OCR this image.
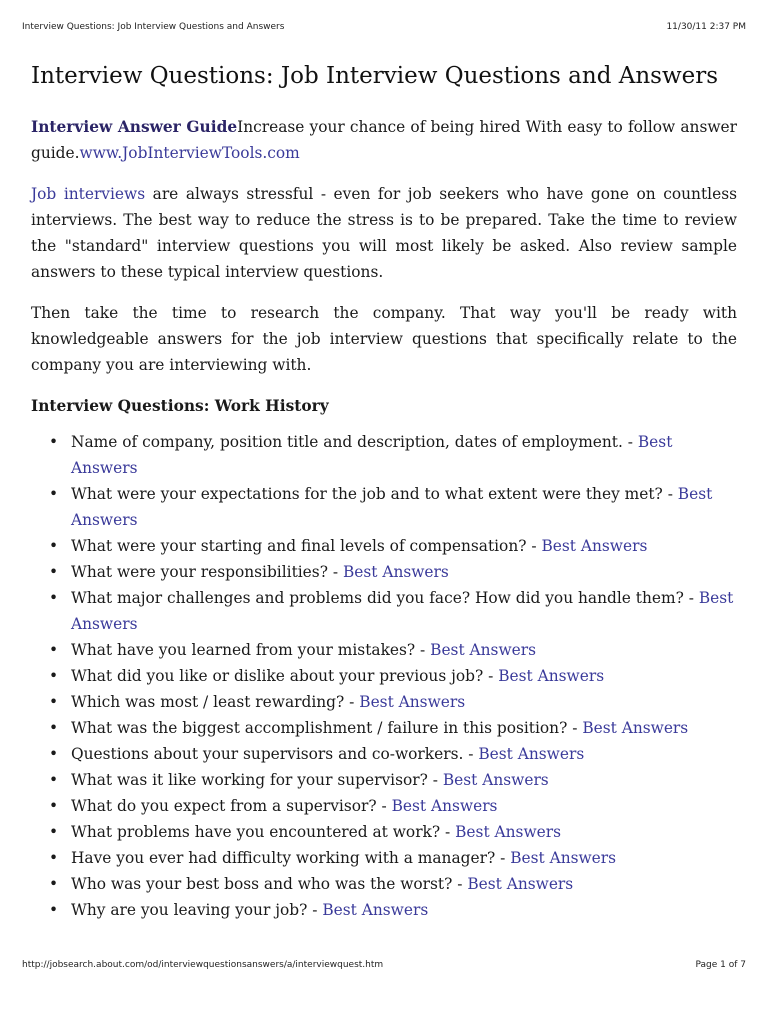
Interview Questions: Job Interview Questions and Answers	11/30/11 2:37 PM
Interview Questions: Job Interview Questions and Answers

Interview Answer GuideIncrease your chance of being hired With easy to follow answer guide.www.JobInterviewTools.com

Job interviews are always stressful - even for job seekers who have gone on countless interviews. The best way to reduce the stress is to be prepared. Take the time to review the "standard" interview questions you will most likely be asked. Also review sample answers to these typical interview questions.

Then take the time to research the company. That way you'll be ready with knowledgeable answers for the job interview questions that specifically relate to the company you are interviewing with.

Interview Questions: Work History
• Name of company, position title and description, dates of employment. - Best Answers
• What were your expectations for the job and to what extent were they met? - Best Answers
• What were your starting and final levels of compensation? - Best Answers
• What were your responsibilities? - Best Answers
• What major challenges and problems did you face? How did you handle them? - Best Answers
• What have you learned from your mistakes? - Best Answers
• What did you like or dislike about your previous job? - Best Answers
• Which was most / least rewarding? - Best Answers
• What was the biggest accomplishment / failure in this position? - Best Answers
• Questions about your supervisors and co-workers. - Best Answers
• What was it like working for your supervisor? - Best Answers
• What do you expect from a supervisor? - Best Answers
• What problems have you encountered at work? - Best Answers
• Have you ever had difficulty working with a manager? - Best Answers
• Who was your best boss and who was the worst? - Best Answers
• Why are you leaving your job? - Best Answers
http://jobsearch.about.com/od/interviewquestionsanswers/a/interviewquest.htm	Page 1 of 7
